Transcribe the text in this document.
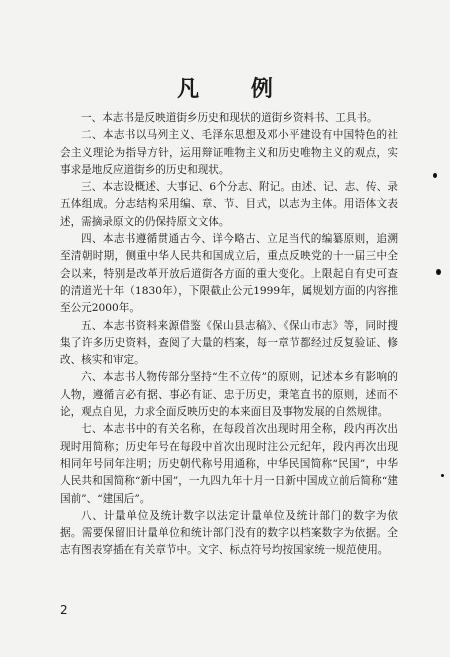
凡 例

一、本志书是反映道街乡历史和现状的道街乡资料书、工具书。

二、本志书以马列主义、毛泽东思想及邓小平建设有中国特色的社会主义理论为指导方针，运用辩证唯物主义和历史唯物主义的观点，实事求是地反应道街乡的历史和现状。

三、本志设概述、大事记、6个分志、附记。由述、记、志、传、录五体组成。分志结构采用编、章、节、目式，以志为主体。用语体文表述，需摘录原文的仍保持原文文体。

四、本志书遵循贯通古今、详今略古、立足当代的编纂原则，追溯至清朝时期，侧重中华人民共和国成立后，重点反映党的十一届三中全会以来，特别是改革开放后道街各方面的重大变化。上限起自有史可查的清道光十年（1830年），下限截止公元1999年，属规划方面的内容推至公元2000年。

五、本志书资料来源借鉴《保山县志稿》、《保山市志》等，同时搜集了许多历史资料，查阅了大量的档案，每一章节都经过反复验证、修改、核实和审定。

六、本志书人物传部分坚持“生不立传”的原则，记述本乡有影响的人物，遵循言必有据、事必有证、忠于历史，秉笔直书的原则，述而不论，观点自见，力求全面反映历史的本来面目及事物发展的自然规律。

七、本志书中的有关名称，在每段首次出现时用全称，段内再次出现时用简称；历史年号在每段中首次出现时注公元纪年，段内再次出现相同年号同年注明；历史朝代称号用通称，中华民国简称“民国”，中华人民共和国简称“新中国”，一九四九年十月一日新中国成立前后简称“建国前”、“建国后”。

八、计量单位及统计数字以法定计量单位及统计部门的数字为依据。需要保留旧计量单位和统计部门没有的数字以档案数字为依据。全志有图表穿插在有关章节中。文字、标点符号均按国家统一规范使用。

2
